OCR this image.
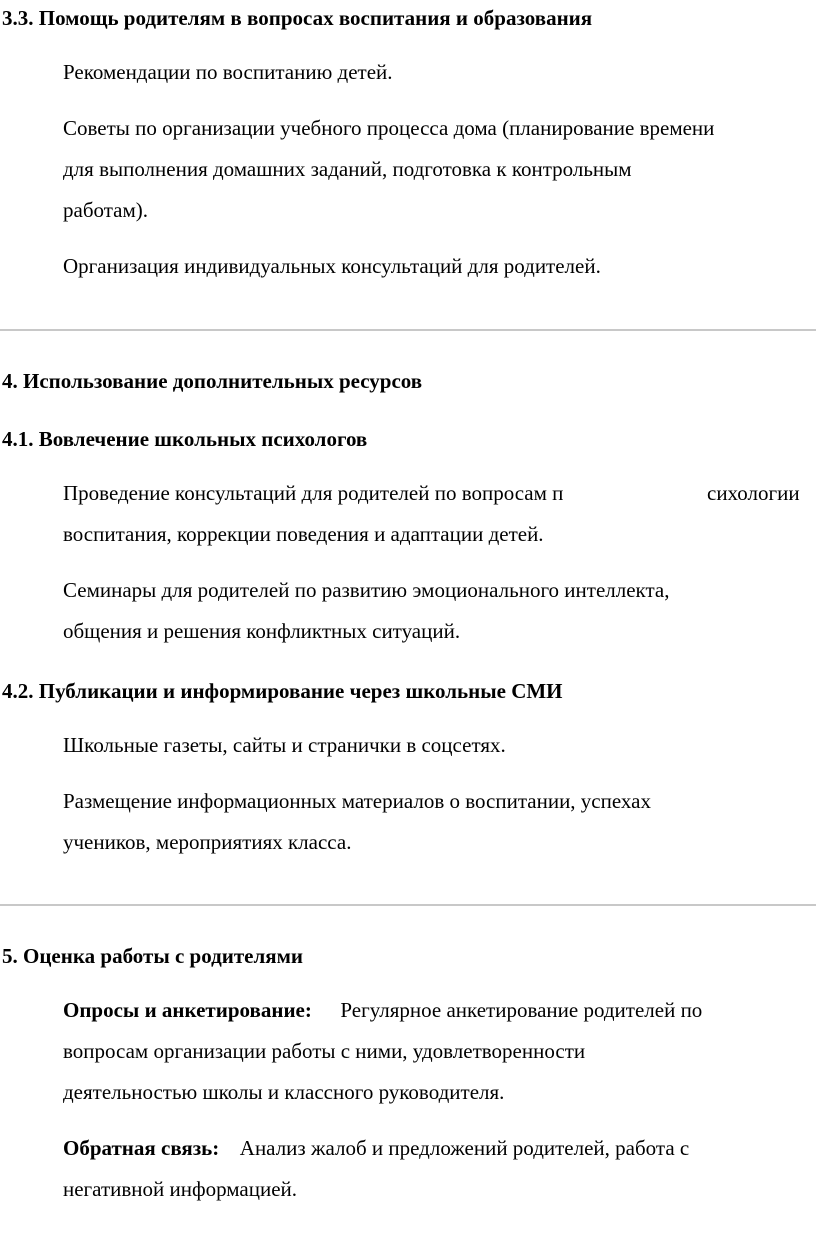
3.3. Помощь родителям в вопросах воспитания и образования
Рекомендации по воспитанию детей.
Советы по организации учебного процесса дома (планирование времени
для выполнения домашних заданий, подготовка к контрольным
работам).
Организация индивидуальных консультаций для родителей.
4. Использование дополнительных ресурсов
4.1. Вовлечение школьных психологов
Проведение консультаций для родителей по вопросам п	сихологии
воспитания, коррекции поведения и адаптации детей.
Семинары для родителей по развитию эмоционального интеллекта,
общения и решения конфликтных ситуаций.
4.2. Публикации и информирование через школьные СМИ
Школьные газеты, сайты и странички в соцсетях.
Размещение информационных материалов о воспитании, успехах
учеников, мероприятиях класса.
5. Оценка работы с родителями
Опросы и анкетирование: Регулярное анкетирование родителей по
вопросам организации работы с ними, удовлетворенности
деятельностью школы и классного руководителя.
Обратная связь: Анализ жалоб и предложений родителей, работа с
негативной информацией.
